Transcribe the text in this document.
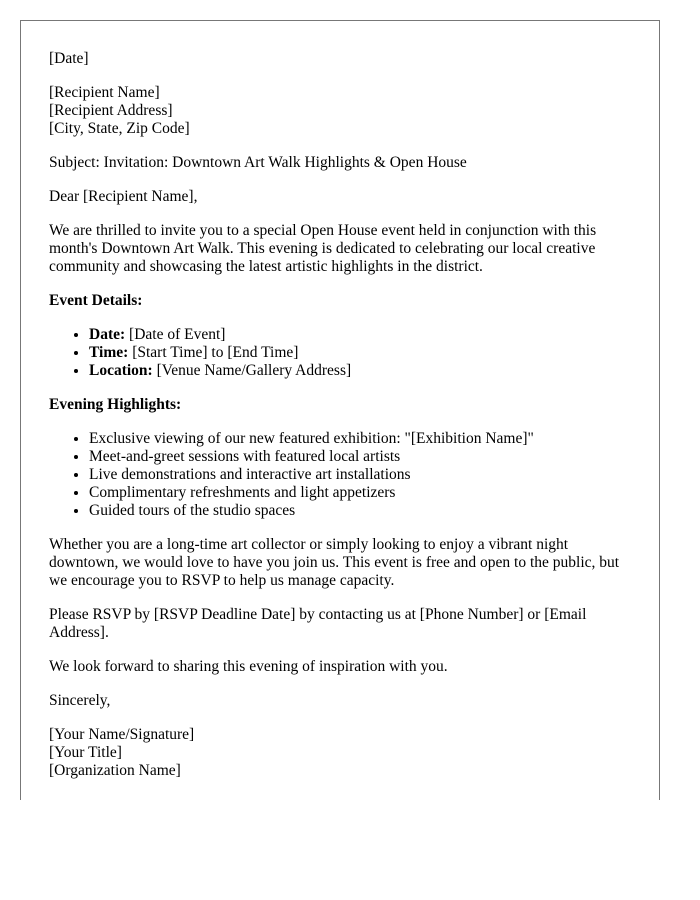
[Date]

[Recipient Name]
[Recipient Address]
[City, State, Zip Code]

Subject: Invitation: Downtown Art Walk Highlights & Open House

Dear [Recipient Name],

We are thrilled to invite you to a special Open House event held in conjunction with this month's Downtown Art Walk. This evening is dedicated to celebrating our local creative community and showcasing the latest artistic highlights in the district.

Event Details:

• Date: [Date of Event]
• Time: [Start Time] to [End Time]
• Location: [Venue Name/Gallery Address]

Evening Highlights:

• Exclusive viewing of our new featured exhibition: "[Exhibition Name]"
• Meet-and-greet sessions with featured local artists
• Live demonstrations and interactive art installations
• Complimentary refreshments and light appetizers
• Guided tours of the studio spaces

Whether you are a long-time art collector or simply looking to enjoy a vibrant night downtown, we would love to have you join us. This event is free and open to the public, but we encourage you to RSVP to help us manage capacity.

Please RSVP by [RSVP Deadline Date] by contacting us at [Phone Number] or [Email Address].

We look forward to sharing this evening of inspiration with you.

Sincerely,

[Your Name/Signature]
[Your Title]
[Organization Name]
